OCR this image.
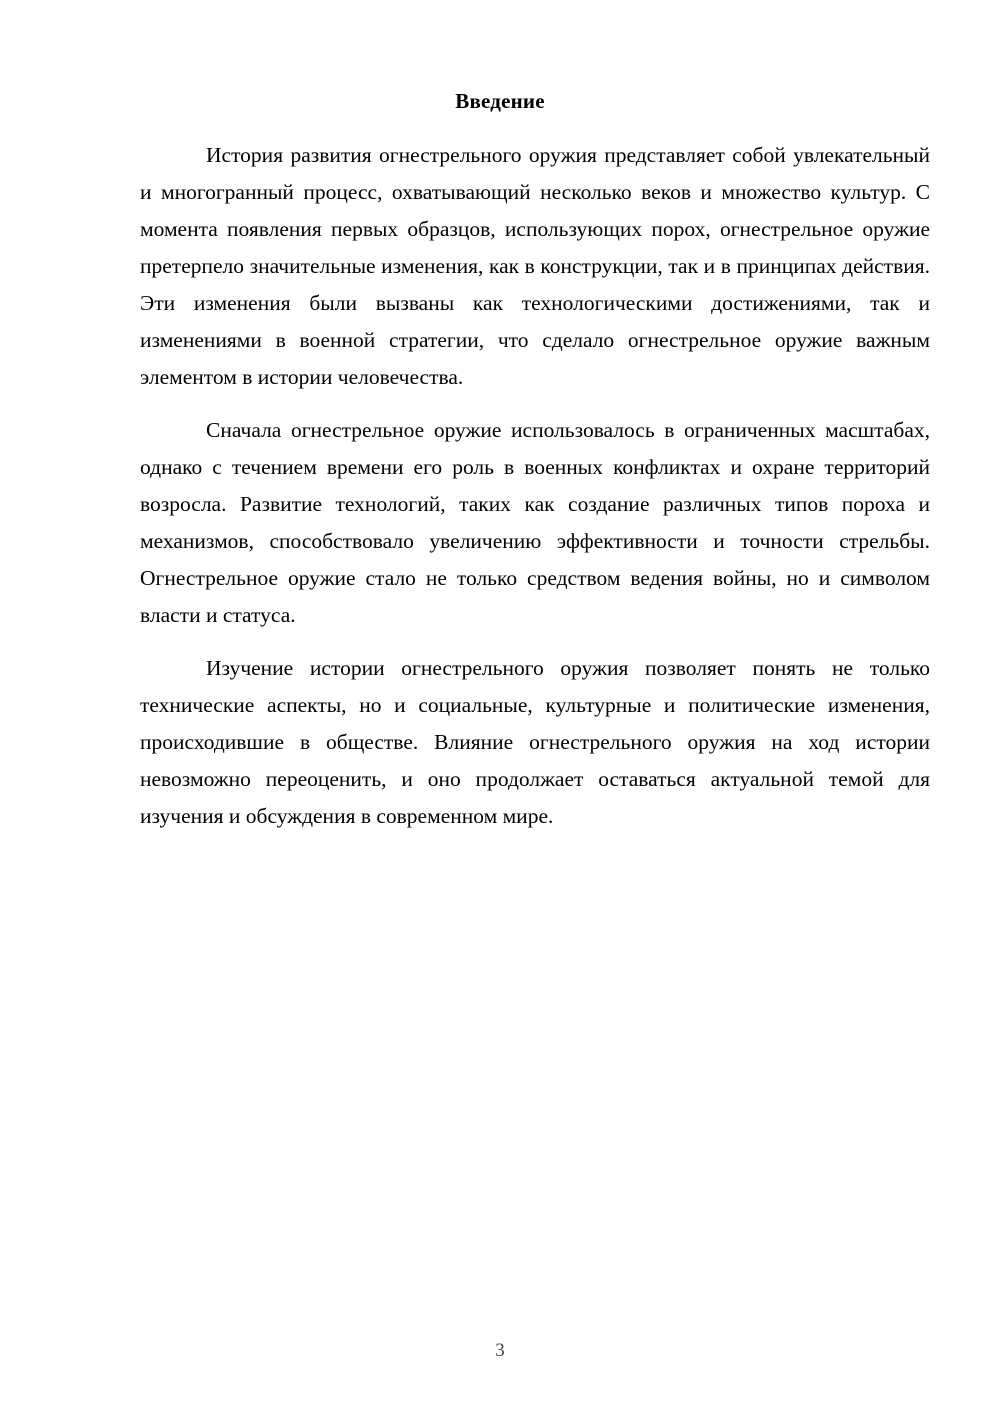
Введение

История развития огнестрельного оружия представляет собой увлекательный и многогранный процесс, охватывающий несколько веков и множество культур. С момента появления первых образцов, использующих порох, огнестрельное оружие претерпело значительные изменения, как в конструкции, так и в принципах действия. Эти изменения были вызваны как технологическими достижениями, так и изменениями в военной стратегии, что сделало огнестрельное оружие важным элементом в истории человечества.

Сначала огнестрельное оружие использовалось в ограниченных масштабах, однако с течением времени его роль в военных конфликтах и охране территорий возросла. Развитие технологий, таких как создание различных типов пороха и механизмов, способствовало увеличению эффективности и точности стрельбы. Огнестрельное оружие стало не только средством ведения войны, но и символом власти и статуса.

Изучение истории огнестрельного оружия позволяет понять не только технические аспекты, но и социальные, культурные и политические изменения, происходившие в обществе. Влияние огнестрельного оружия на ход истории невозможно переоценить, и оно продолжает оставаться актуальной темой для изучения и обсуждения в современном мире.

3
